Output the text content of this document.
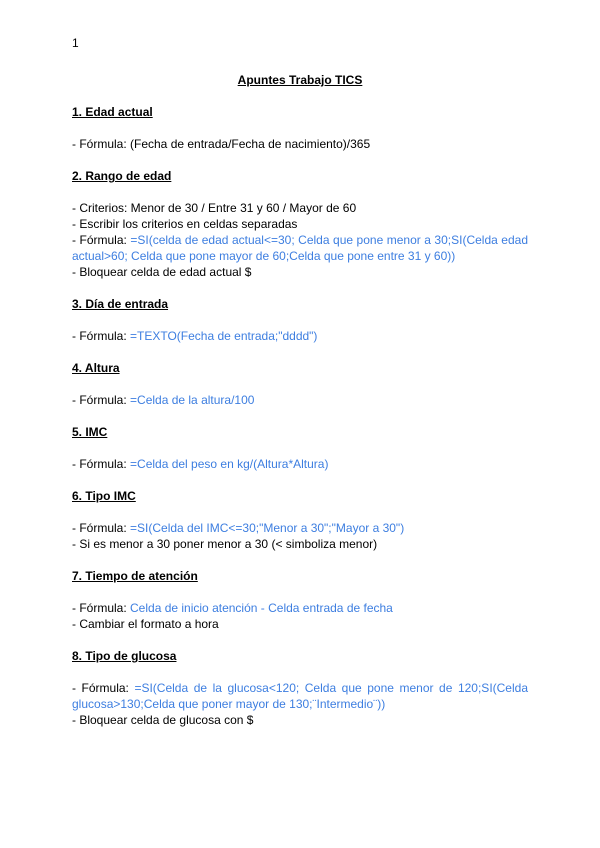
1
Apuntes Trabajo TICS
1. Edad actual

- Fórmula: (Fecha de entrada/Fecha de nacimiento)/365

2. Rango de edad

- Criterios: Menor de 30 / Entre 31 y 60 / Mayor de 60

- Escribir los criterios en celdas separadas

- Fórmula: =SI(celda de edad actual<=30; Celda que pone menor a 30;SI(Celda edad actual>60; Celda que pone mayor de 60;Celda que pone entre 31 y 60))

- Bloquear celda de edad actual $

3. Día de entrada

- Fórmula: =TEXTO(Fecha de entrada;"dddd")

4. Altura

- Fórmula: =Celda de la altura/100

5. IMC

- Fórmula: =Celda del peso en kg/(Altura*Altura)

6. Tipo IMC

- Fórmula: =SI(Celda del IMC<=30;"Menor a 30";"Mayor a 30")

- Si es menor a 30 poner menor a 30 (< simboliza menor)

7. Tiempo de atención

- Fórmula: Celda de inicio atención - Celda entrada de fecha

- Cambiar el formato a hora

8. Tipo de glucosa

- Fórmula: =SI(Celda de la glucosa<120; Celda que pone menor de 120;SI(Celda glucosa>130;Celda que poner mayor de 130;¨Intermedio¨))

- Bloquear celda de glucosa con $
